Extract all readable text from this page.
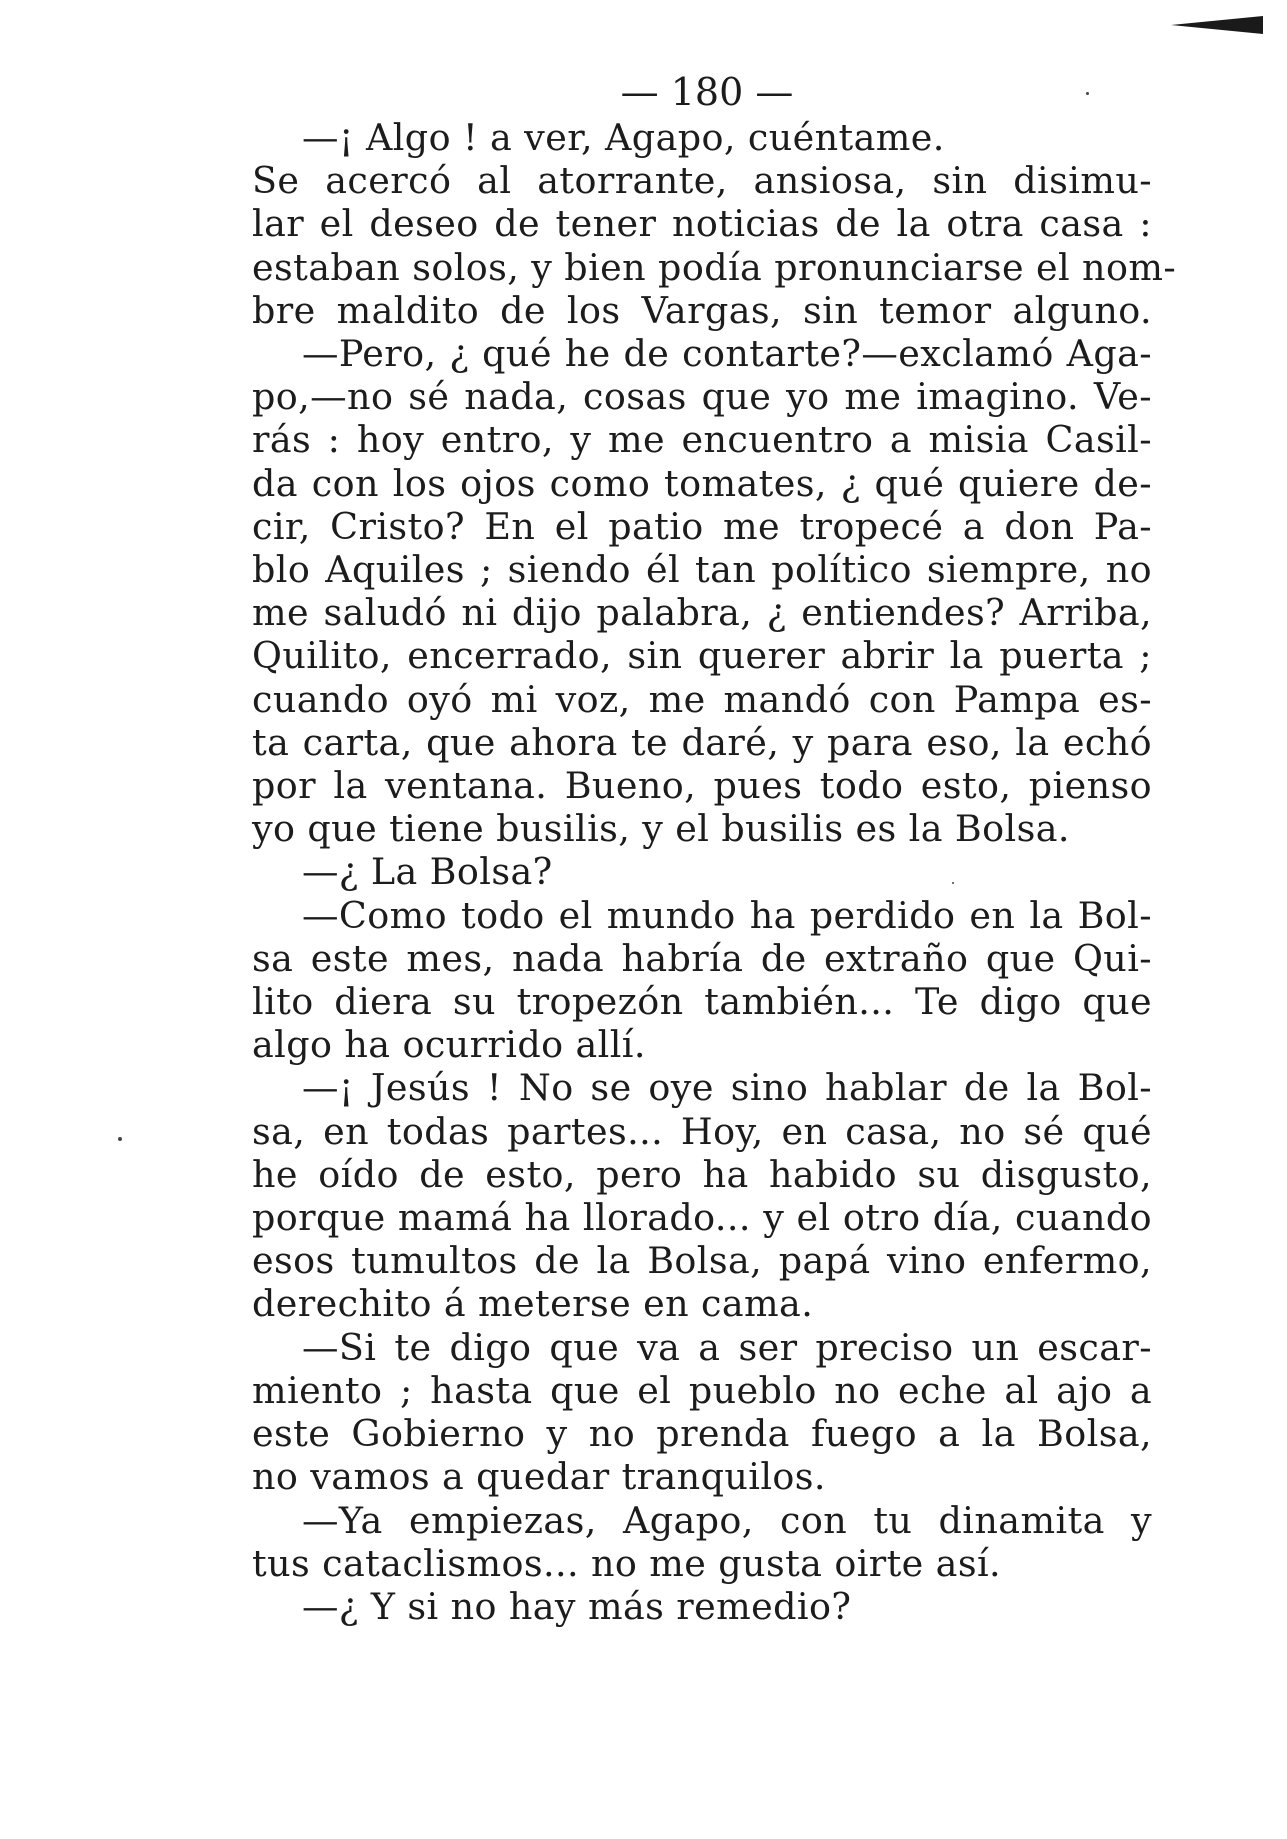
— 180 —

—¡ Algo ! a ver, Agapo, cuéntame.

Se acercó al atorrante, ansiosa, sin disimu-

lar el deseo de tener noticias de la otra casa :

estaban solos, y bien podía pronunciarse el nom-

bre maldito de los Vargas, sin temor alguno.

—Pero, ¿ qué he de contarte?—exclamó Aga-

po,—no sé nada, cosas que yo me imagino. Ve-

rás : hoy entro, y me encuentro a misia Casil-

da con los ojos como tomates, ¿ qué quiere de-

cir, Cristo? En el patio me tropecé a don Pa-

blo Aquiles ; siendo él tan político siempre, no

me saludó ni dijo palabra, ¿ entiendes? Arriba,

Quilito, encerrado, sin querer abrir la puerta ;

cuando oyó mi voz, me mandó con Pampa es-

ta carta, que ahora te daré, y para eso, la echó

por la ventana. Bueno, pues todo esto, pienso

yo que tiene busilis, y el busilis es la Bolsa.

—¿ La Bolsa?

—Como todo el mundo ha perdido en la Bol-

sa este mes, nada habría de extraño que Qui-

lito diera su tropezón también... Te digo que

algo ha ocurrido allí.

—¡ Jesús ! No se oye sino hablar de la Bol-

sa, en todas partes... Hoy, en casa, no sé qué

he oído de esto, pero ha habido su disgusto,

porque mamá ha llorado... y el otro día, cuando

esos tumultos de la Bolsa, papá vino enfermo,

derechito á meterse en cama.

—Si te digo que va a ser preciso un escar-

miento ; hasta que el pueblo no eche al ajo a

este Gobierno y no prenda fuego a la Bolsa,

no vamos a quedar tranquilos.

—Ya empiezas, Agapo, con tu dinamita y

tus cataclismos... no me gusta oirte así.

—¿ Y si no hay más remedio?
